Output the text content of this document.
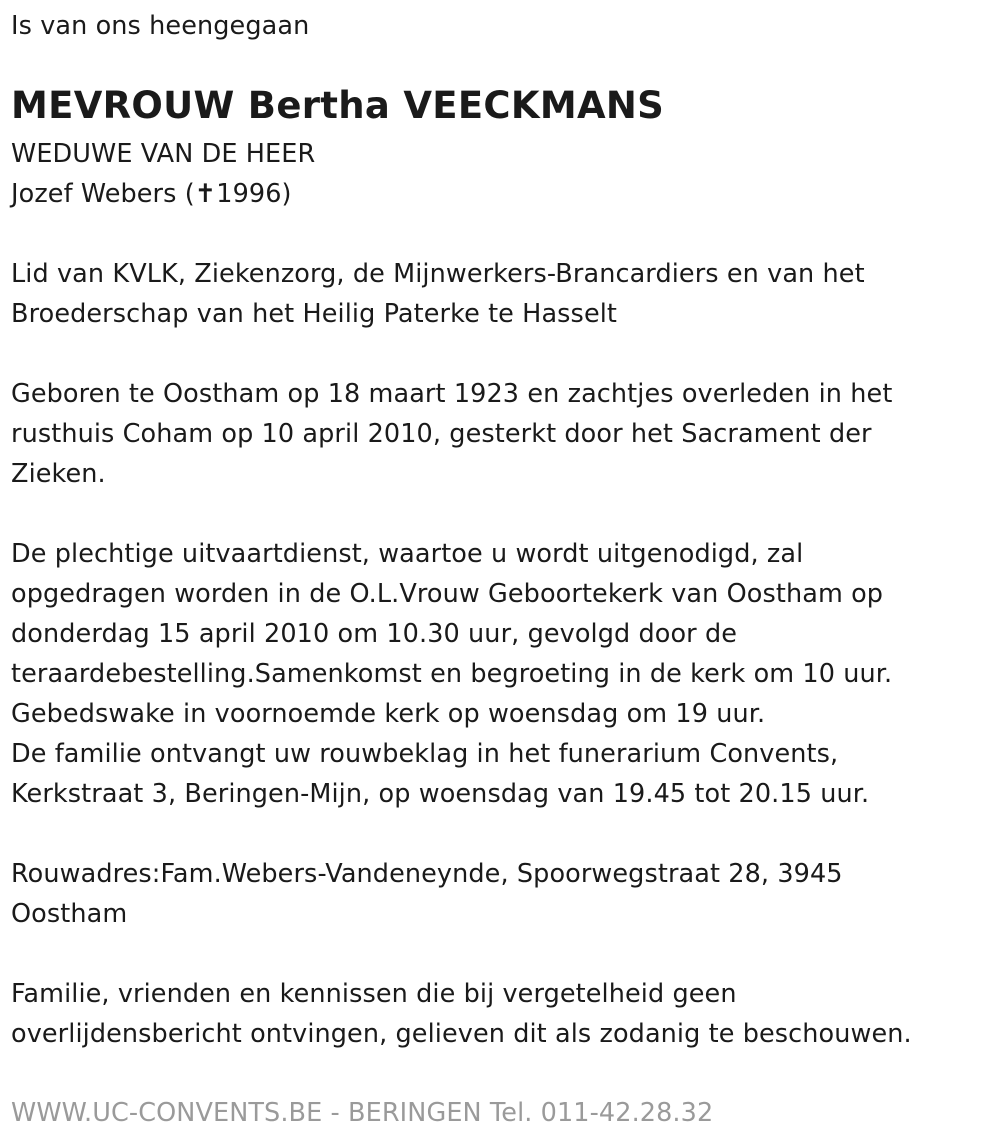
Is van ons heengegaan
MEVROUW Bertha VEECKMANS
WEDUWE VAN DE HEER
Jozef Webers (✝1996)
Lid van KVLK, Ziekenzorg, de Mijnwerkers-Brancardiers en van het
Broederschap van het Heilig Paterke te Hasselt
Geboren te Oostham op 18 maart 1923 en zachtjes overleden in het
rusthuis Coham op 10 april 2010, gesterkt door het Sacrament der
Zieken.
De plechtige uitvaartdienst, waartoe u wordt uitgenodigd, zal
opgedragen worden in de O.L.Vrouw Geboortekerk van Oostham op
donderdag 15 april 2010 om 10.30 uur, gevolgd door de
teraardebestelling.Samenkomst en begroeting in de kerk om 10 uur.
Gebedswake in voornoemde kerk op woensdag om 19 uur.
De familie ontvangt uw rouwbeklag in het funerarium Convents,
Kerkstraat 3, Beringen-Mijn, op woensdag van 19.45 tot 20.15 uur.
Rouwadres:Fam.Webers-Vandeneynde, Spoorwegstraat 28, 3945
Oostham
Familie, vrienden en kennissen die bij vergetelheid geen
overlijdensbericht ontvingen, gelieven dit als zodanig te beschouwen.
WWW.UC-CONVENTS.BE - BERINGEN Tel. 011-42.28.32
